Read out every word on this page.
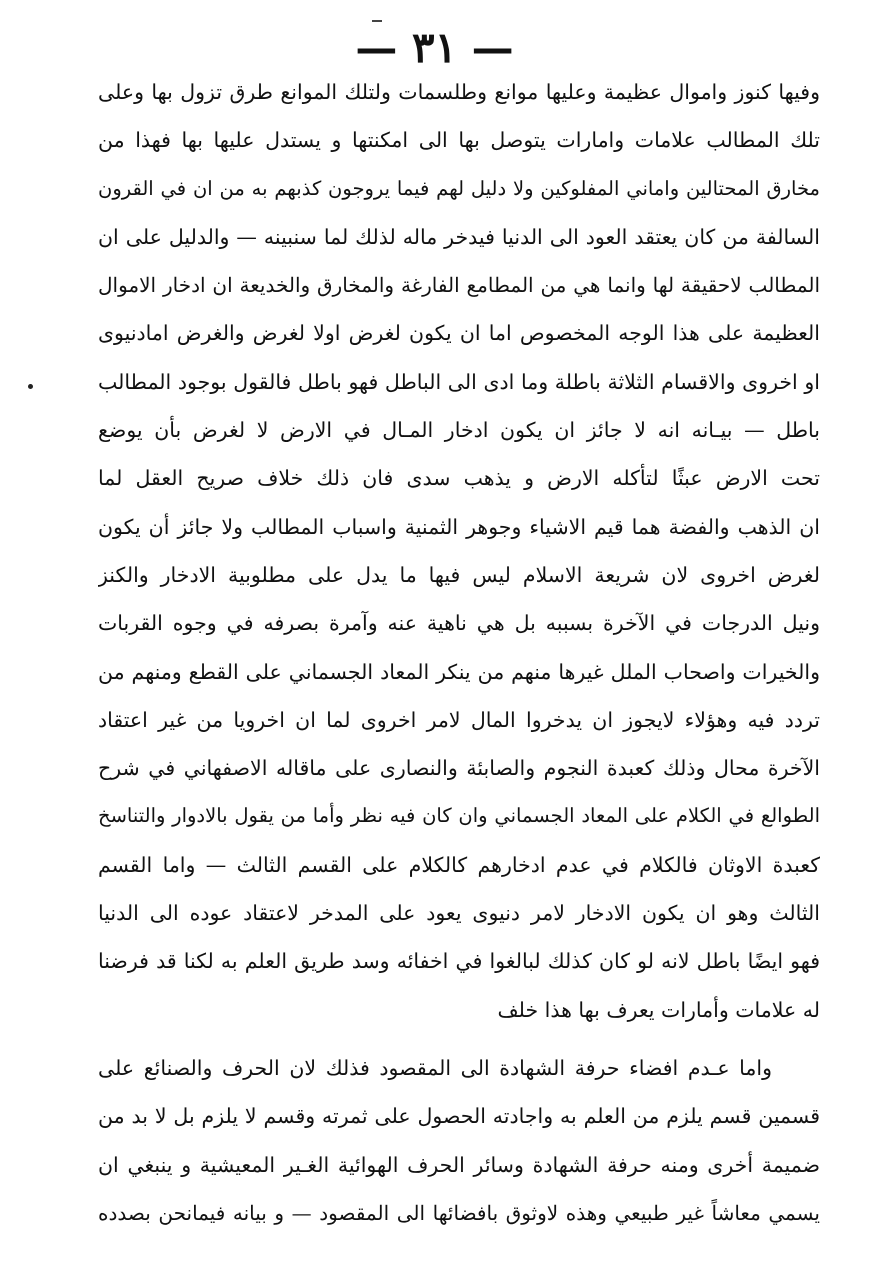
— ٣١ —
وفيها كنوز واموال عظيمة وعليها موانع وطلسمات ولتلك الموانع طرق تزول بها وعلى
تلك المطالب علامات وامارات يتوصل بها الى امكنتها و يستدل عليها بها فهذا من
مخارق المحتالين واماني المفلوكين ولا دليل لهم فيما يروجون كذبهم به من ان في القرون
السالفة من كان يعتقد العود الى الدنيا فيدخر ماله لذلك لما سنبينه — والدليل على ان
المطالب لاحقيقة لها وانما هي من المطامع الفارغة والمخارق والخديعة ان ادخار الاموال
العظيمة على هذا الوجه المخصوص اما ان يكون لغرض اولا لغرض والغرض امادنيوى
او اخروى والاقسام الثلاثة باطلة وما ادى الى الباطل فهو باطل فالقول بوجود المطالب
باطل — بيـانه انه لا جائز ان يكون ادخار المـال في الارض لا لغرض بأن يوضع
تحت الارض عبثًا لتأكله الارض و يذهب سدى فان ذلك خلاف صريح العقل لما
ان الذهب والفضة هما قيم الاشياء وجوهر الثمنية واسباب المطالب ولا جائز أن يكون
لغرض اخروى لان شريعة الاسلام ليس فيها ما يدل على مطلوبية الادخار والكنز
ونيل الدرجات في الآخرة بسببه بل هي ناهية عنه وآمرة بصرفه في وجوه القربات
والخيرات واصحاب الملل غيرها منهم من ينكر المعاد الجسماني على القطع ومنهم من
تردد فيه وهؤلاء لايجوز ان يدخروا المال لامر اخروى لما ان اخرويا من غير اعتقاد
الآخرة محال وذلك كعبدة النجوم والصابئة والنصارى على ماقاله الاصفهاني في شرح
الطوالع في الكلام على المعاد الجسماني وان كان فيه نظر وأما من يقول بالادوار والتناسخ
كعبدة الاوثان فالكلام في عدم ادخارهم كالكلام على القسم الثالث — واما القسم
الثالث وهو ان يكون الادخار لامر دنيوى يعود على المدخر لاعتقاد عوده الى الدنيا
فهو ايضًا باطل لانه لو كان كذلك لبالغوا في اخفائه وسد طريق العلم به لكنا قد فرضنا
له علامات وأمارات يعرف بها هذا خلف
واما عـدم افضاء حرفة الشهادة الى المقصود فذلك لان الحرف والصنائع على
قسمين قسم يلزم من العلم به واجادته الحصول على ثمرته وقسم لا يلزم بل لا بد من
ضميمة أخرى ومنه حرفة الشهادة وسائر الحرف الهوائية الغـير المعيشية و ينبغي ان
يسمي معاشاً غير طبيعي وهذه لاوثوق بافضائها الى المقصود — و بيانه فيمانحن بصدده
